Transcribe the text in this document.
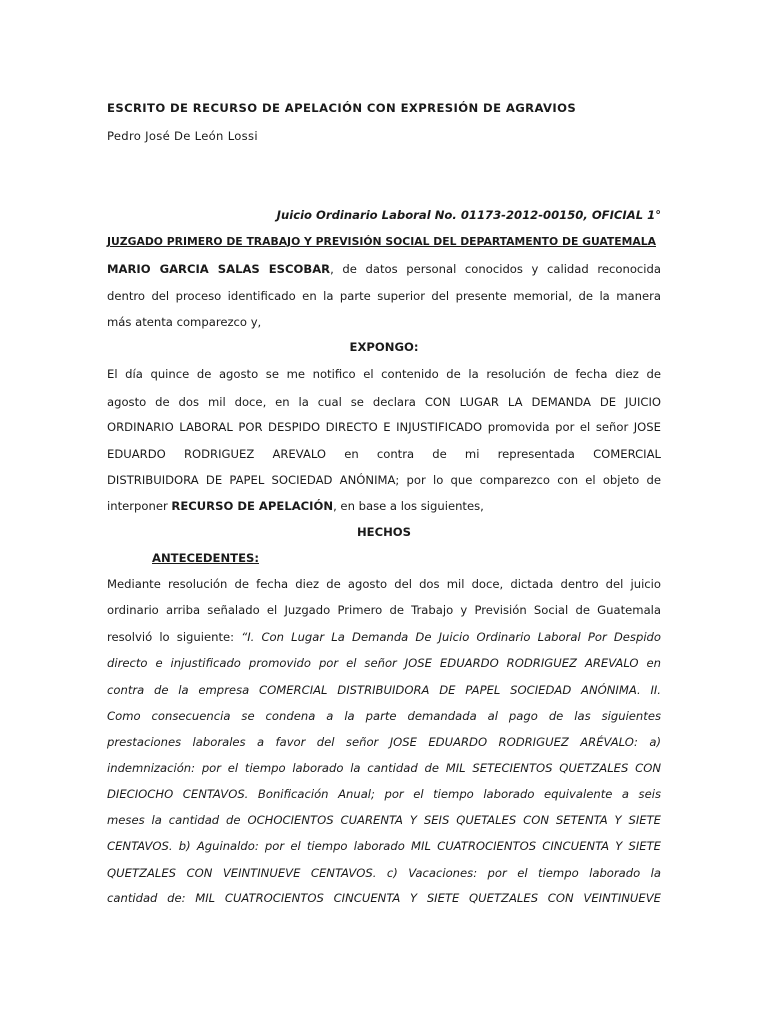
ESCRITO DE RECURSO DE APELACIÓN CON EXPRESIÓN DE AGRAVIOS
Pedro José De León Lossi
Juicio Ordinario Laboral No. 01173-2012-00150, OFICIAL 1°
JUZGADO PRIMERO DE TRABAJO Y PREVISIÓN SOCIAL DEL DEPARTAMENTO DE GUATEMALA
MARIO GARCIA SALAS ESCOBAR, de datos personal conocidos y calidad reconocida
dentro del proceso identificado en la parte superior del presente memorial, de la manera
más atenta comparezco y,
EXPONGO:
El día quince de agosto se me notifico el contenido de la resolución de fecha diez de
agosto de dos mil doce, en la cual se declara CON LUGAR LA DEMANDA DE JUICIO
ORDINARIO LABORAL POR DESPIDO DIRECTO E INJUSTIFICADO promovida por el señor JOSE
EDUARDO RODRIGUEZ AREVALO en contra de mi representada COMERCIAL
DISTRIBUIDORA DE PAPEL SOCIEDAD ANÓNIMA; por lo que comparezco con el objeto de
interponer RECURSO DE APELACIÓN, en base a los siguientes,
HECHOS
ANTECEDENTES:
Mediante resolución de fecha diez de agosto del dos mil doce, dictada dentro del juicio
ordinario arriba señalado el Juzgado Primero de Trabajo y Previsión Social de Guatemala
resolvió lo siguiente: “I. Con Lugar La Demanda De Juicio Ordinario Laboral Por Despido
directo e injustificado promovido por el señor JOSE EDUARDO RODRIGUEZ AREVALO en
contra de la empresa COMERCIAL DISTRIBUIDORA DE PAPEL SOCIEDAD ANÓNIMA. II.
Como consecuencia se condena a la parte demandada al pago de las siguientes
prestaciones laborales a favor del señor JOSE EDUARDO RODRIGUEZ ARÉVALO: a)
indemnización: por el tiempo laborado la cantidad de MIL SETECIENTOS QUETZALES CON
DIECIOCHO CENTAVOS. Bonificación Anual; por el tiempo laborado equivalente a seis
meses la cantidad de OCHOCIENTOS CUARENTA Y SEIS QUETALES CON SETENTA Y SIETE
CENTAVOS. b) Aguinaldo: por el tiempo laborado MIL CUATROCIENTOS CINCUENTA Y SIETE
QUETZALES CON VEINTINUEVE CENTAVOS. c) Vacaciones: por el tiempo laborado la
cantidad de: MIL CUATROCIENTOS CINCUENTA Y SIETE QUETZALES CON VEINTINUEVE
